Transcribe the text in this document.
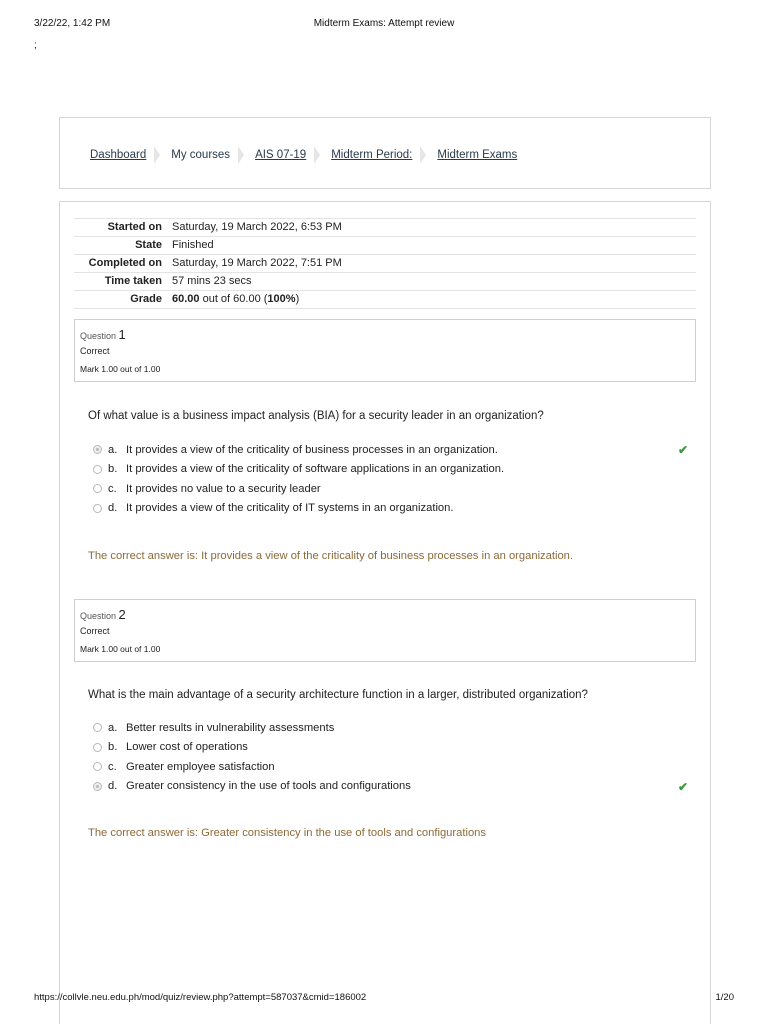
3/22/22, 1:42 PM	Midterm Exams: Attempt review
;
Dashboard My courses AIS 07-19 Midterm Period: Midterm Exams
Started on	Saturday, 19 March 2022, 6:53 PM
State	Finished
Completed on	Saturday, 19 March 2022, 7:51 PM
Time taken	57 mins 23 secs
Grade	60.00 out of 60.00 (100%)
Question 1
Correct
Mark 1.00 out of 1.00
Of what value is a business impact analysis (BIA) for a security leader in an organization?
a. It provides a view of the criticality of business processes in an organization.	✔
b. It provides a view of the criticality of software applications in an organization.
c. It provides no value to a security leader
d. It provides a view of the criticality of IT systems in an organization.
The correct answer is: It provides a view of the criticality of business processes in an organization.
Question 2
Correct
Mark 1.00 out of 1.00
What is the main advantage of a security architecture function in a larger, distributed organization?
a. Better results in vulnerability assessments
b. Lower cost of operations
c. Greater employee satisfaction
d. Greater consistency in the use of tools and configurations	✔
The correct answer is: Greater consistency in the use of tools and configurations
https://collvle.neu.edu.ph/mod/quiz/review.php?attempt=587037&cmid=186002	1/20
